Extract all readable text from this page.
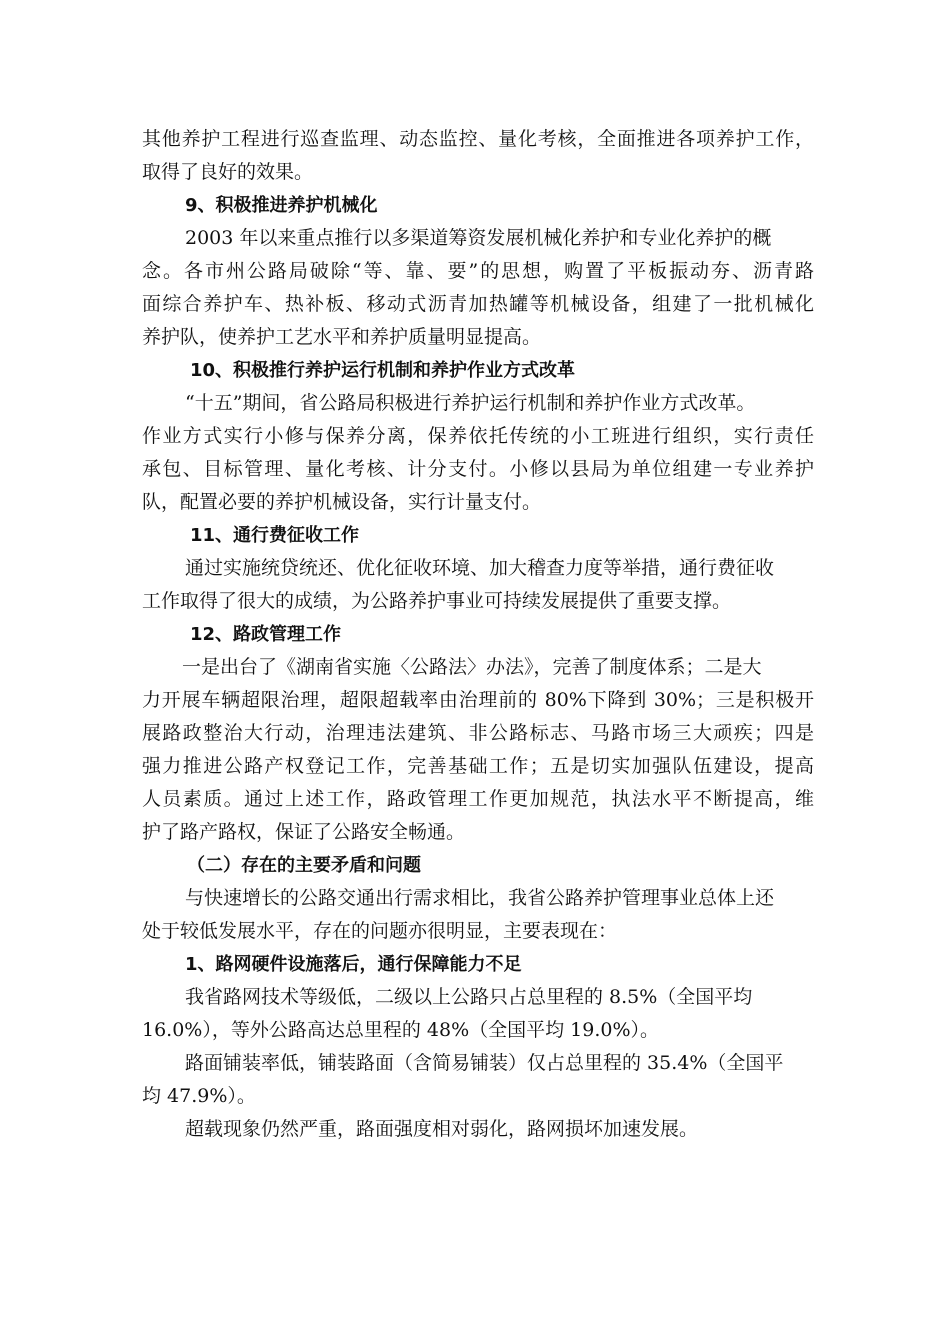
其他养护工程进行巡查监理、动态监控、量化考核，全面推进各项养护工作，
取得了良好的效果。
9、积极推进养护机械化
2003 年以来重点推行以多渠道筹资发展机械化养护和专业化养护的概
念。各市州公路局破除“等、靠、要”的思想，购置了平板振动夯、沥青路
面综合养护车、热补板、移动式沥青加热罐等机械设备，组建了一批机械化
养护队，使养护工艺水平和养护质量明显提高。
10、积极推行养护运行机制和养护作业方式改革
“十五”期间，省公路局积极进行养护运行机制和养护作业方式改革。
作业方式实行小修与保养分离，保养依托传统的小工班进行组织，实行责任
承包、目标管理、量化考核、计分支付。小修以县局为单位组建一专业养护
队，配置必要的养护机械设备，实行计量支付。
11、通行费征收工作
通过实施统贷统还、优化征收环境、加大稽查力度等举措，通行费征收
工作取得了很大的成绩，为公路养护事业可持续发展提供了重要支撑。
12、路政管理工作
一是出台了《湖南省实施〈公路法〉办法》，完善了制度体系；二是大
力开展车辆超限治理，超限超载率由治理前的 80%下降到 30%；三是积极开
展路政整治大行动，治理违法建筑、非公路标志、马路市场三大顽疾；四是
强力推进公路产权登记工作，完善基础工作；五是切实加强队伍建设，提高
人员素质。通过上述工作，路政管理工作更加规范，执法水平不断提高，维
护了路产路权，保证了公路安全畅通。
（二）存在的主要矛盾和问题
与快速增长的公路交通出行需求相比，我省公路养护管理事业总体上还
处于较低发展水平，存在的问题亦很明显，主要表现在：
1、路网硬件设施落后，通行保障能力不足
我省路网技术等级低，二级以上公路只占总里程的 8.5%（全国平均
16.0%），等外公路高达总里程的 48%（全国平均 19.0%）。
路面铺装率低，铺装路面（含简易铺装）仅占总里程的 35.4%（全国平
均 47.9%）。
超载现象仍然严重，路面强度相对弱化，路网损坏加速发展。
